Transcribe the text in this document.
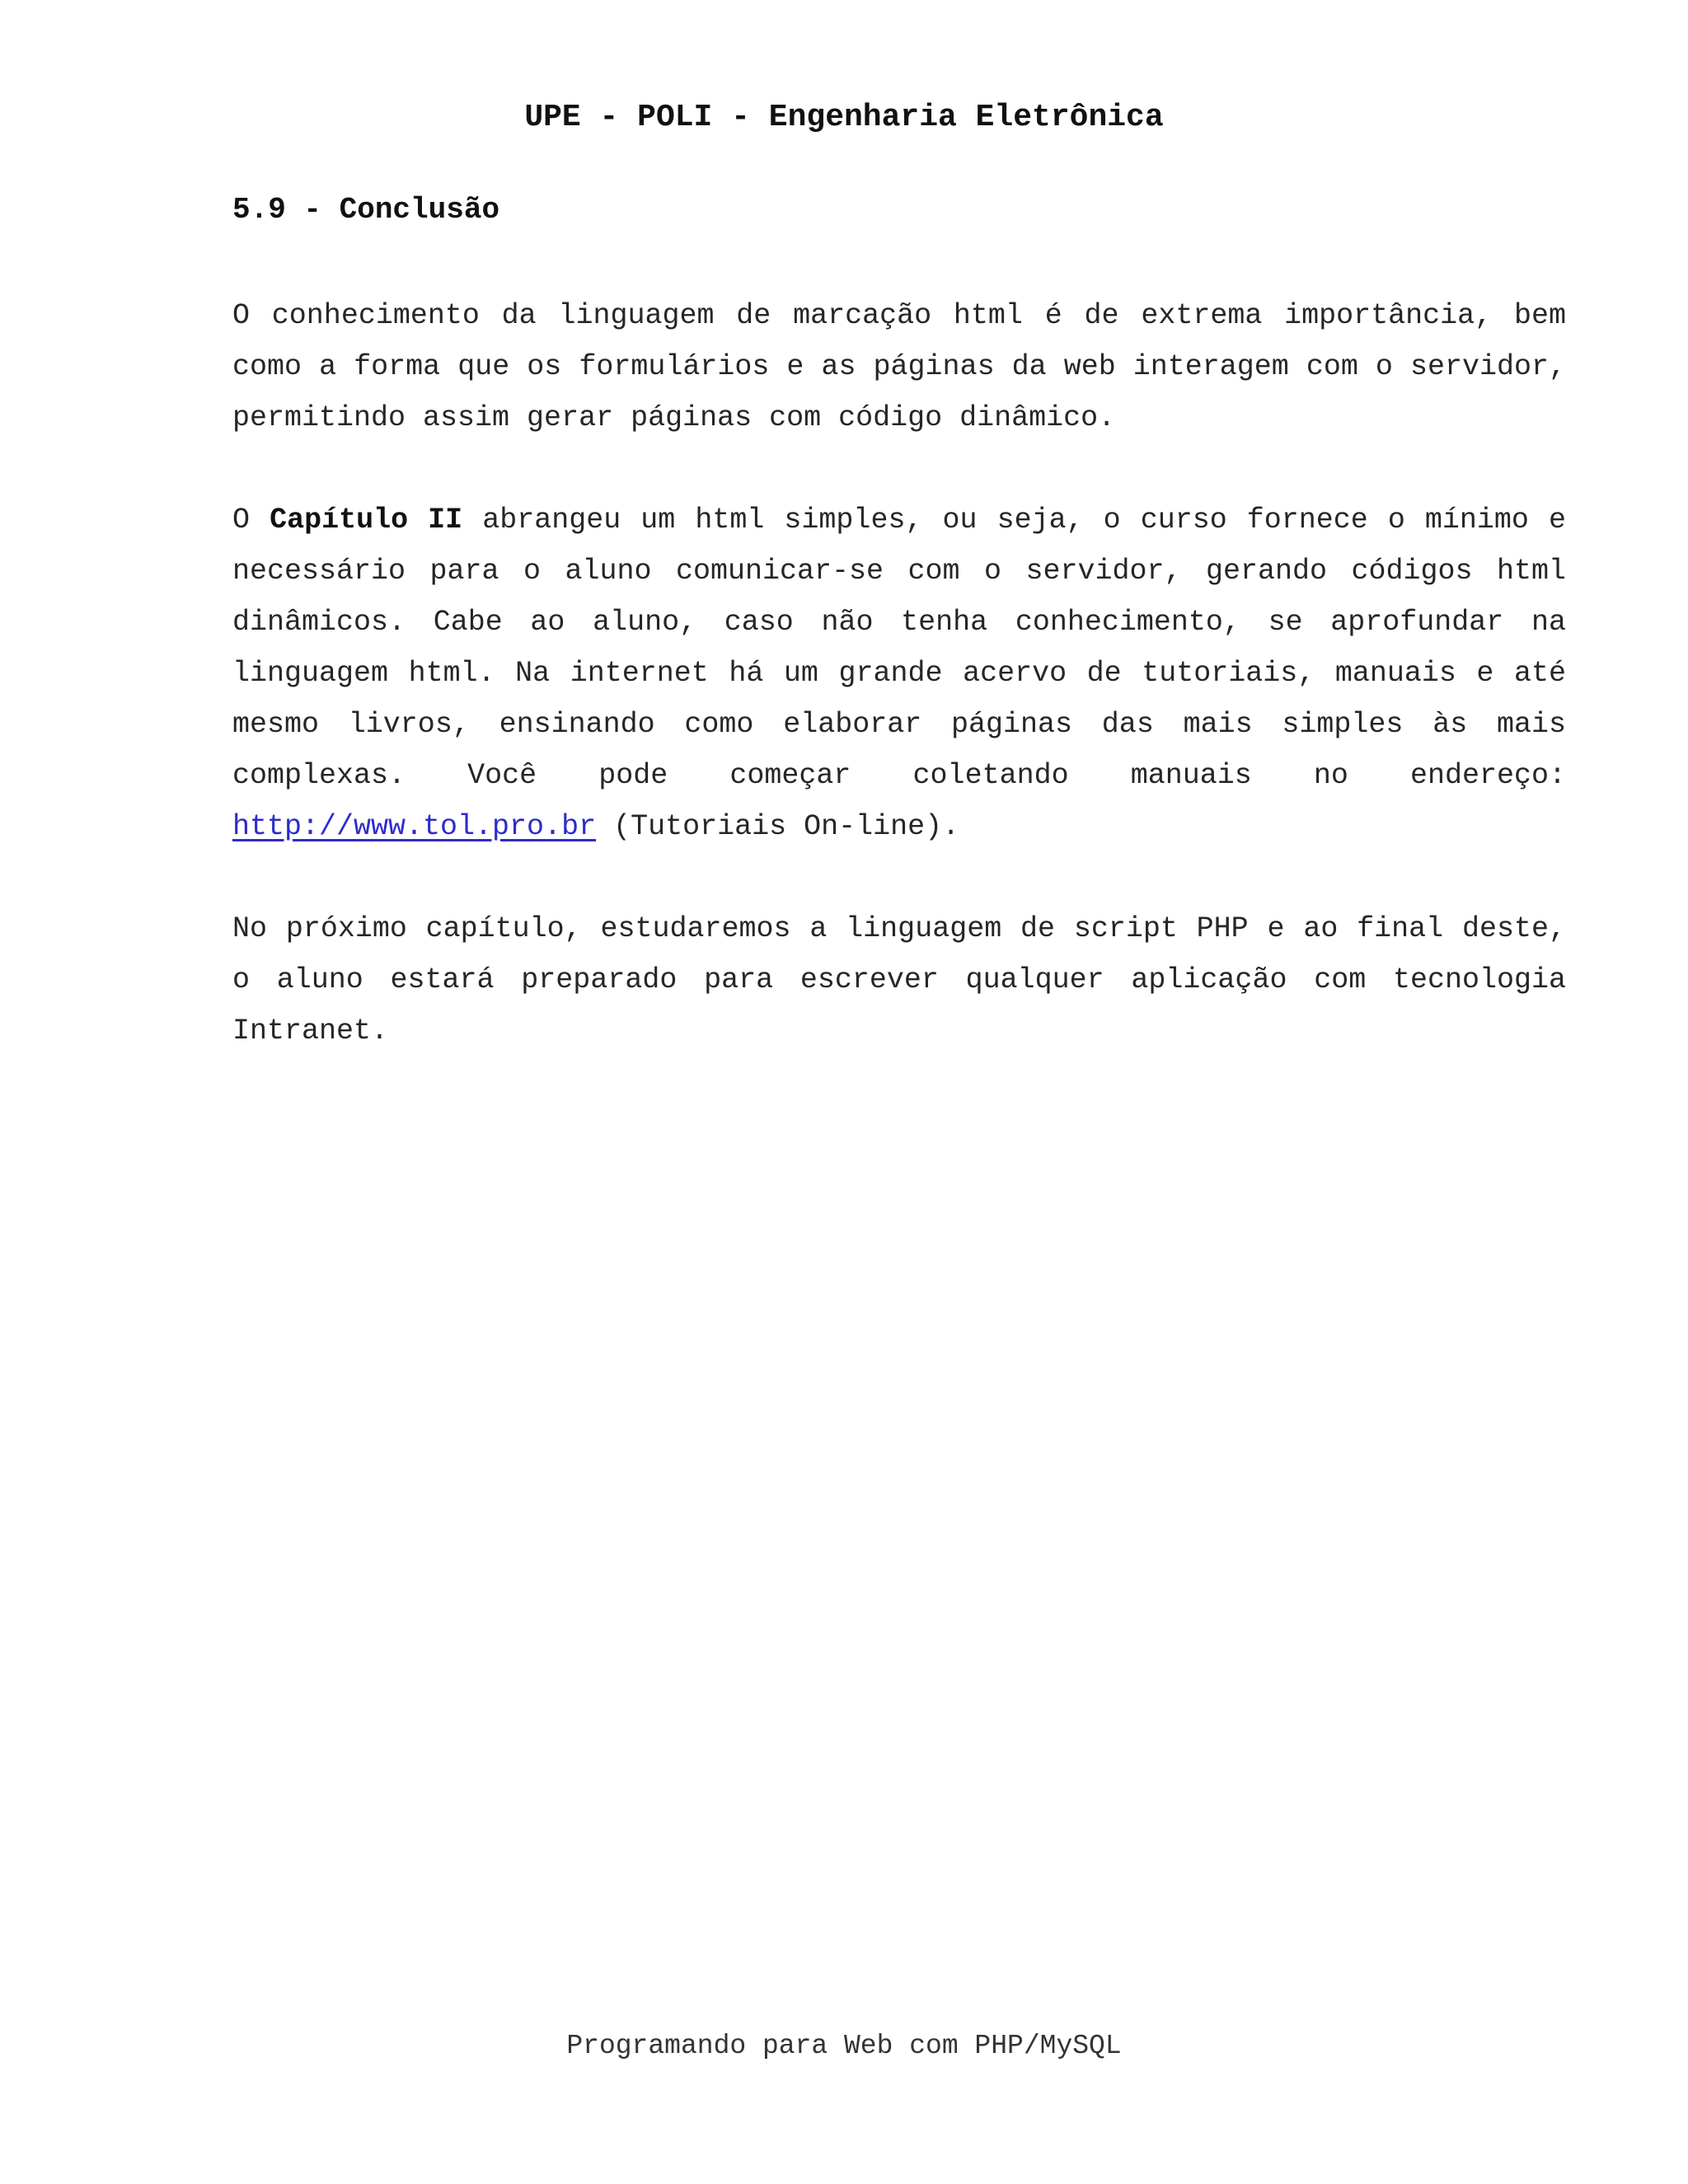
UPE - POLI - Engenharia Eletrônica
5.9 - Conclusão

O conhecimento da linguagem de marcação html é de extrema importância, bem como a forma que os formulários e as páginas da web interagem com o servidor, permitindo assim gerar páginas com código dinâmico.

O Capítulo II abrangeu um html simples, ou seja, o curso fornece o mínimo e necessário para o aluno comunicar-se com o servidor, gerando códigos html dinâmicos. Cabe ao aluno, caso não tenha conhecimento, se aprofundar na linguagem html. Na internet há um grande acervo de tutoriais, manuais e até mesmo livros, ensinando como elaborar páginas das mais simples às mais complexas. Você pode começar coletando manuais no endereço: http://www.tol.pro.br (Tutoriais On-line).

No próximo capítulo, estudaremos a linguagem de script PHP e ao final deste, o aluno estará preparado para escrever qualquer aplicação com tecnologia Intranet.

Programando para Web com PHP/MySQL
